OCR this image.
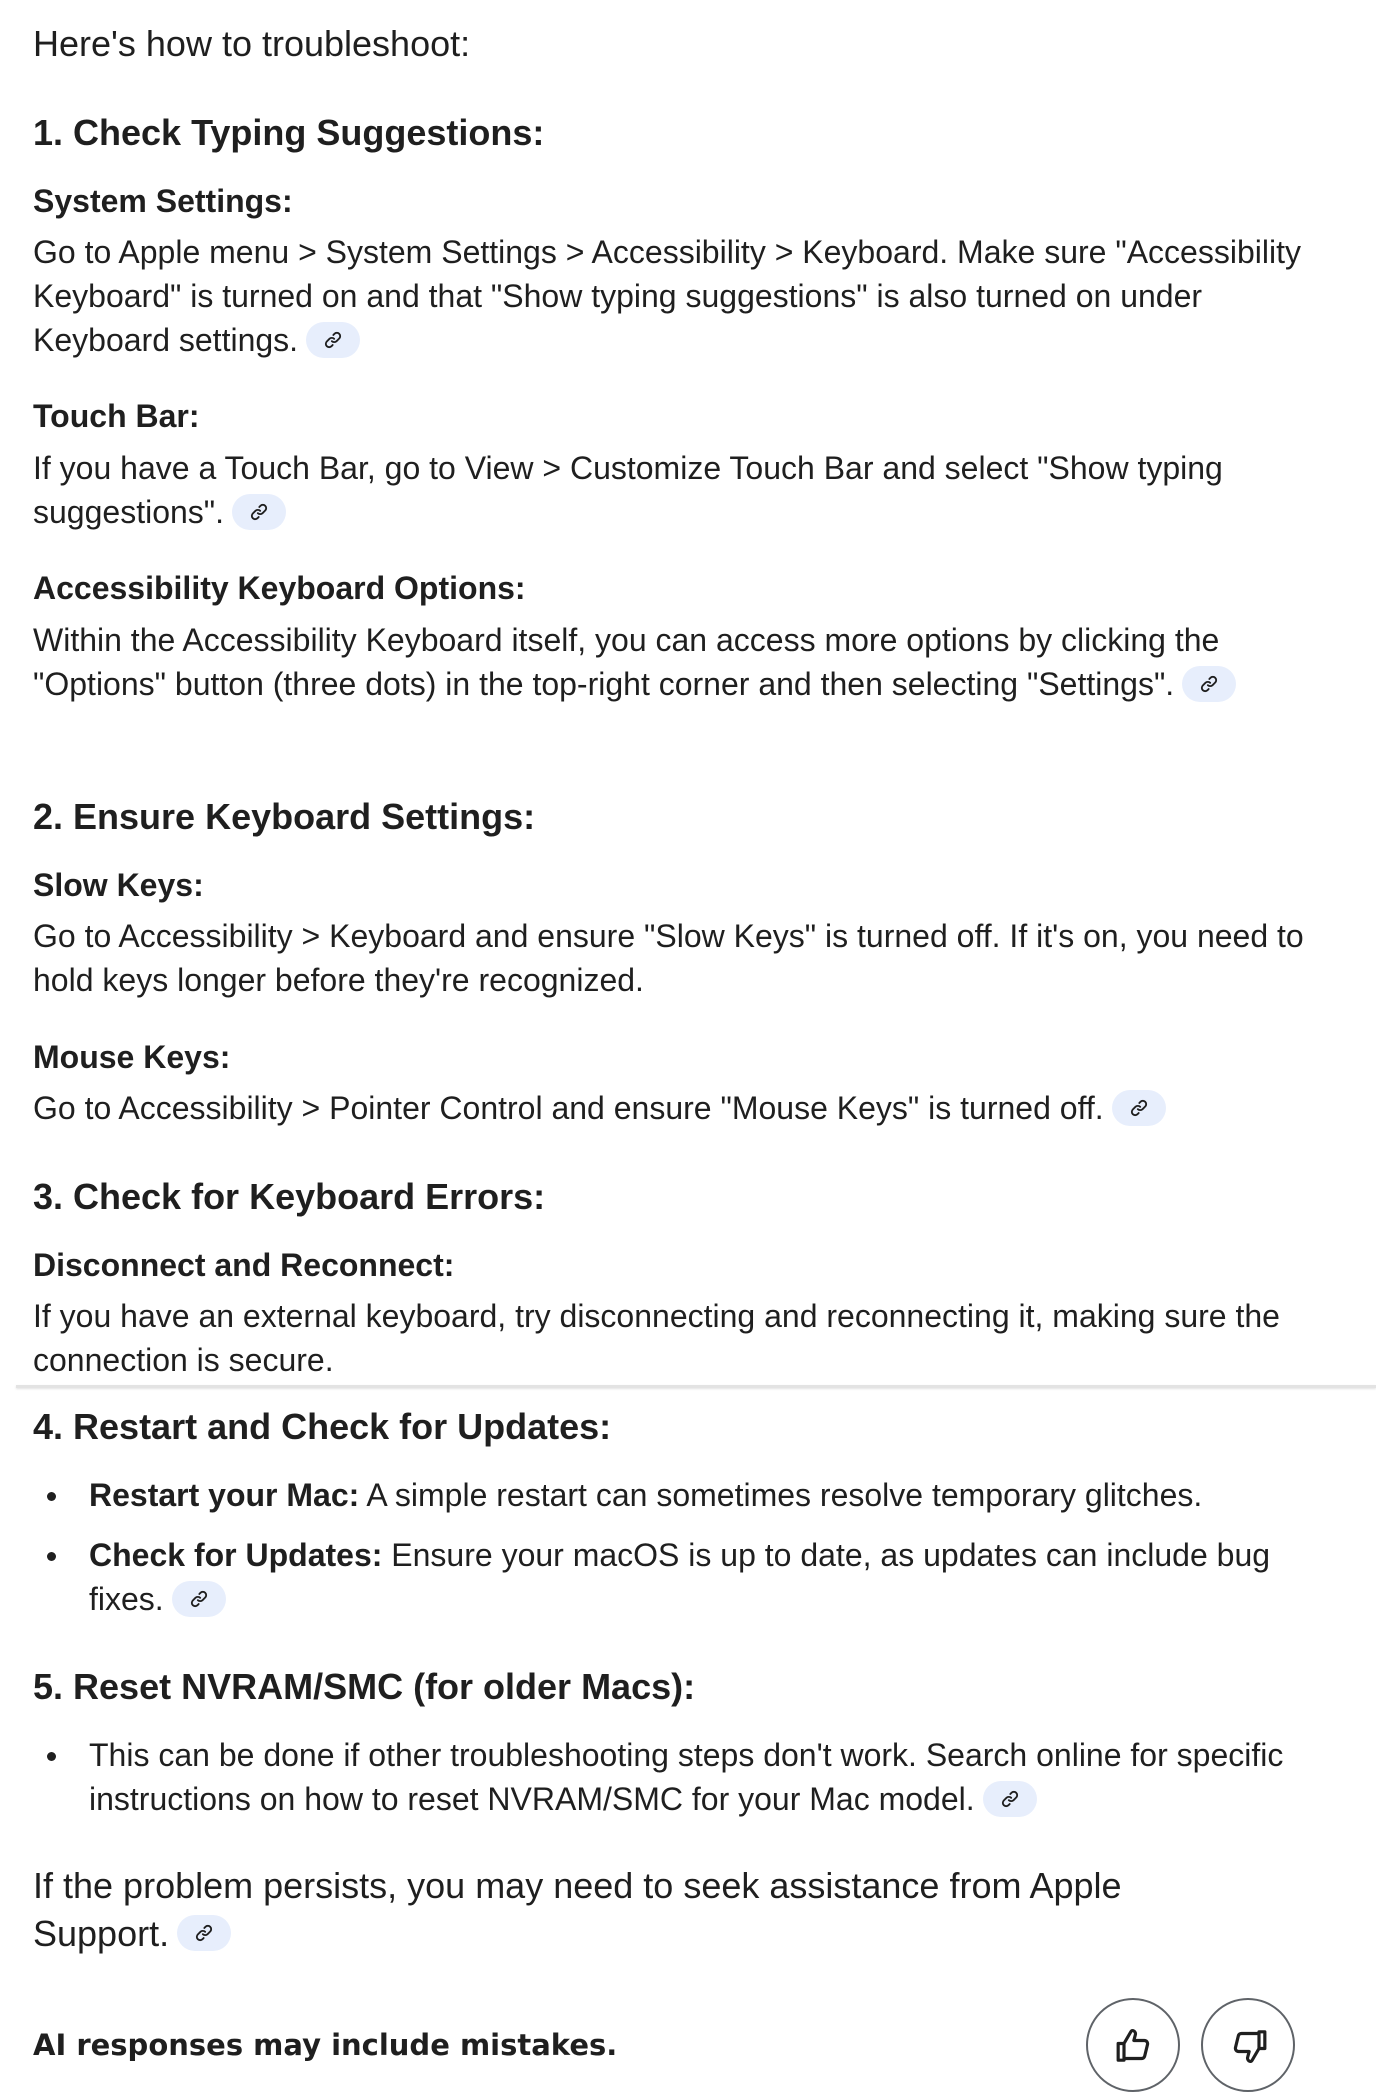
Here's how to troubleshoot:
1. Check Typing Suggestions:
System Settings:
Go to Apple menu > System Settings > Accessibility > Keyboard. Make sure "Accessibility Keyboard" is turned on and that "Show typing suggestions" is also turned on under Keyboard settings.
Touch Bar:
If you have a Touch Bar, go to View > Customize Touch Bar and select "Show typing suggestions".
Accessibility Keyboard Options:
Within the Accessibility Keyboard itself, you can access more options by clicking the "Options" button (three dots) in the top-right corner and then selecting "Settings".
2. Ensure Keyboard Settings:
Slow Keys:
Go to Accessibility > Keyboard and ensure "Slow Keys" is turned off. If it's on, you need to hold keys longer before they're recognized.
Mouse Keys:
Go to Accessibility > Pointer Control and ensure "Mouse Keys" is turned off.
3. Check for Keyboard Errors:
Disconnect and Reconnect:
If you have an external keyboard, try disconnecting and reconnecting it, making sure the connection is secure.
4. Restart and Check for Updates:
Restart your Mac: A simple restart can sometimes resolve temporary glitches.
Check for Updates: Ensure your macOS is up to date, as updates can include bug fixes.
5. Reset NVRAM/SMC (for older Macs):
This can be done if other troubleshooting steps don't work. Search online for specific instructions on how to reset NVRAM/SMC for your Mac model.
If the problem persists, you may need to seek assistance from Apple Support.
AI responses may include mistakes.
